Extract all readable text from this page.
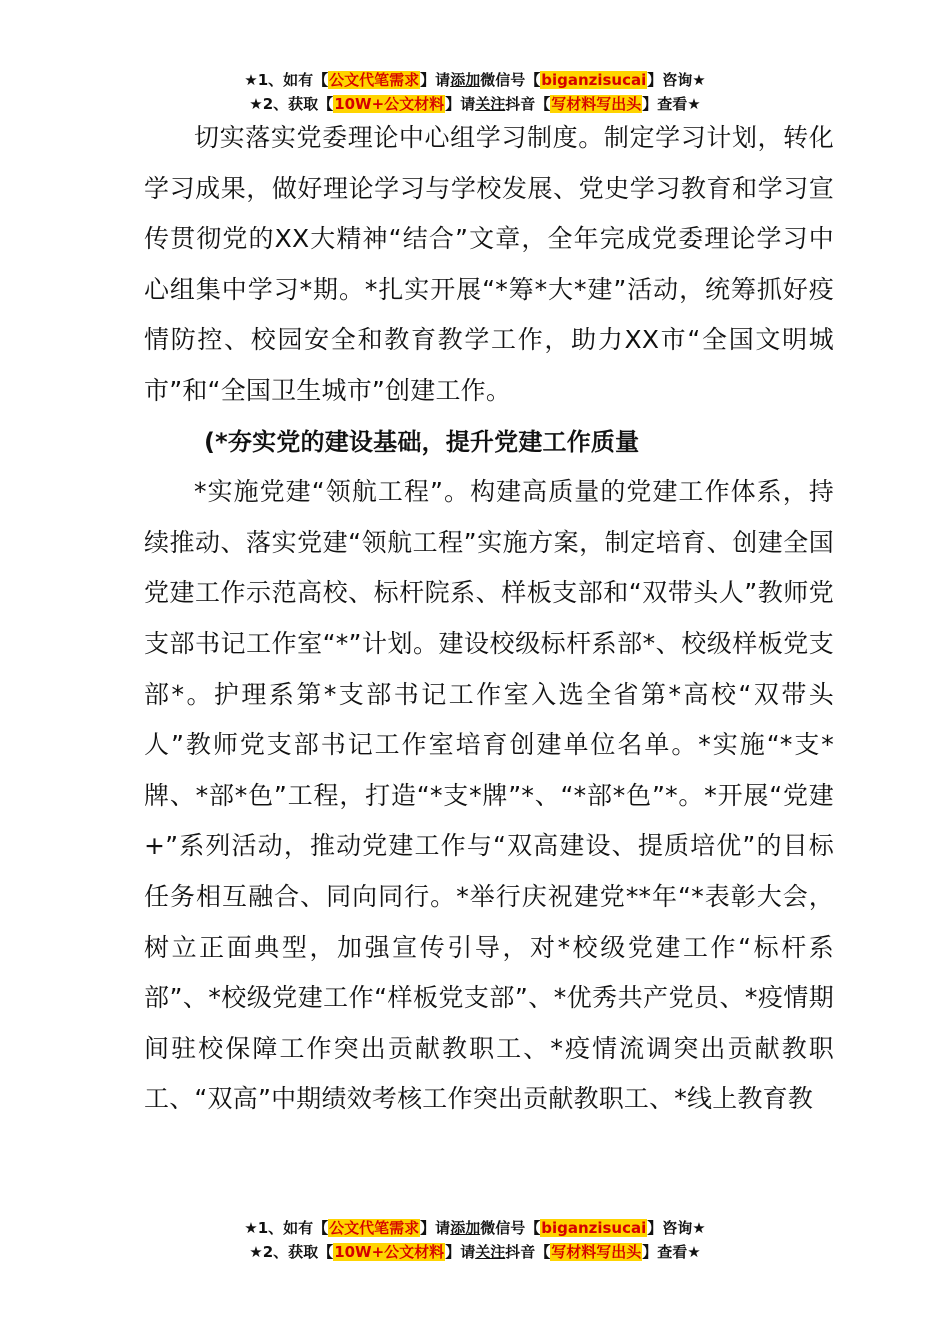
★1、如有【公文代笔需求】请添加微信号【biganzisucai】咨询★
★2、获取【10W+公文材料】请关注抖音【写材料写出头】查看★

切实落实党委理论中心组学习制度。制定学习计划，转化学习成果，做好理论学习与学校发展、党史学习教育和学习宣传贯彻党的XX大精神“结合”文章，全年完成党委理论学习中心组集中学习*期。*扎实开展“*筹*大*建”活动，统筹抓好疫情防控、校园安全和教育教学工作，助力XX市“全国文明城市”和“全国卫生城市”创建工作。

(*夯实党的建设基础，提升党建工作质量

*实施党建“领航工程”。构建高质量的党建工作体系，持续推动、落实党建“领航工程”实施方案，制定培育、创建全国党建工作示范高校、标杆院系、样板支部和“双带头人”教师党支部书记工作室“*”计划。建设校级标杆系部*、校级样板党支部*。护理系第*支部书记工作室入选全省第*高校“双带头人”教师党支部书记工作室培育创建单位名单。*实施“*支*牌、*部*色”工程，打造“*支*牌”*、“*部*色”*。*开展“党建+”系列活动，推动党建工作与“双高建设、提质培优”的目标任务相互融合、同向同行。*举行庆祝建党**年“*表彰大会，树立正面典型，加强宣传引导，对*校级党建工作“标杆系部”、*校级党建工作“样板党支部”、*优秀共产党员、*疫情期间驻校保障工作突出贡献教职工、*疫情流调突出贡献教职工、“双高”中期绩效考核工作突出贡献教职工、*线上教育教

★1、如有【公文代笔需求】请添加微信号【biganzisucai】咨询★
★2、获取【10W+公文材料】请关注抖音【写材料写出头】查看★
